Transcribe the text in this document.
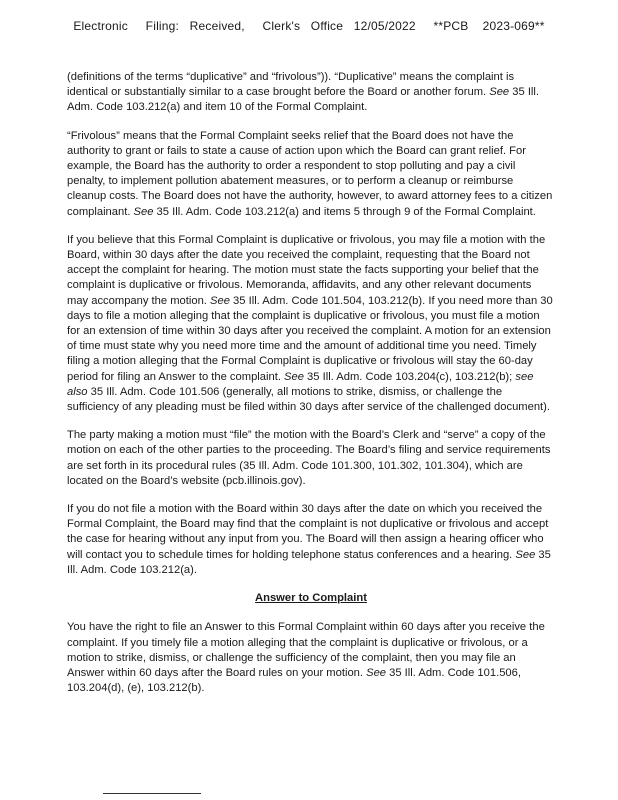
Electronic     Filing:   Received,     Clerk's   Office   12/05/2022     **PCB    2023-069**

(definitions of the terms “duplicative” and “frivolous”)). “Duplicative” means the complaint is identical or substantially similar to a case brought before the Board or another forum. See 35 Ill. Adm. Code 103.212(a) and item 10 of the Formal Complaint.

“Frivolous” means that the Formal Complaint seeks relief that the Board does not have the authority to grant or fails to state a cause of action upon which the Board can grant relief. For example, the Board has the authority to order a respondent to stop polluting and pay a civil penalty, to implement pollution abatement measures, or to perform a cleanup or reimburse cleanup costs. The Board does not have the authority, however, to award attorney fees to a citizen complainant. See 35 Ill. Adm. Code 103.212(a) and items 5 through 9 of the Formal Complaint.

If you believe that this Formal Complaint is duplicative or frivolous, you may file a motion with the Board, within 30 days after the date you received the complaint, requesting that the Board not accept the complaint for hearing. The motion must state the facts supporting your belief that the complaint is duplicative or frivolous. Memoranda, affidavits, and any other relevant documents may accompany the motion. See 35 Ill. Adm. Code 101.504, 103.212(b). If you need more than 30 days to file a motion alleging that the complaint is duplicative or frivolous, you must file a motion for an extension of time within 30 days after you received the complaint. A motion for an extension of time must state why you need more time and the amount of additional time you need. Timely filing a motion alleging that the Formal Complaint is duplicative or frivolous will stay the 60-day period for filing an Answer to the complaint. See 35 Ill. Adm. Code 103.204(c), 103.212(b); see also 35 Ill. Adm. Code 101.506 (generally, all motions to strike, dismiss, or challenge the sufficiency of any pleading must be filed within 30 days after service of the challenged document).

The party making a motion must “file” the motion with the Board’s Clerk and “serve” a copy of the motion on each of the other parties to the proceeding. The Board’s filing and service requirements are set forth in its procedural rules (35 Ill. Adm. Code 101.300, 101.302, 101.304), which are located on the Board’s website (pcb.illinois.gov).

If you do not file a motion with the Board within 30 days after the date on which you received the Formal Complaint, the Board may find that the complaint is not duplicative or frivolous and accept the case for hearing without any input from you. The Board will then assign a hearing officer who will contact you to schedule times for holding telephone status conferences and a hearing. See 35 Ill. Adm. Code 103.212(a).

Answer to Complaint

You have the right to file an Answer to this Formal Complaint within 60 days after you receive the complaint. If you timely file a motion alleging that the complaint is duplicative or frivolous, or a motion to strike, dismiss, or challenge the sufficiency of the complaint, then you may file an Answer within 60 days after the Board rules on your motion. See 35 Ill. Adm. Code 101.506, 103.204(d), (e), 103.212(b).
